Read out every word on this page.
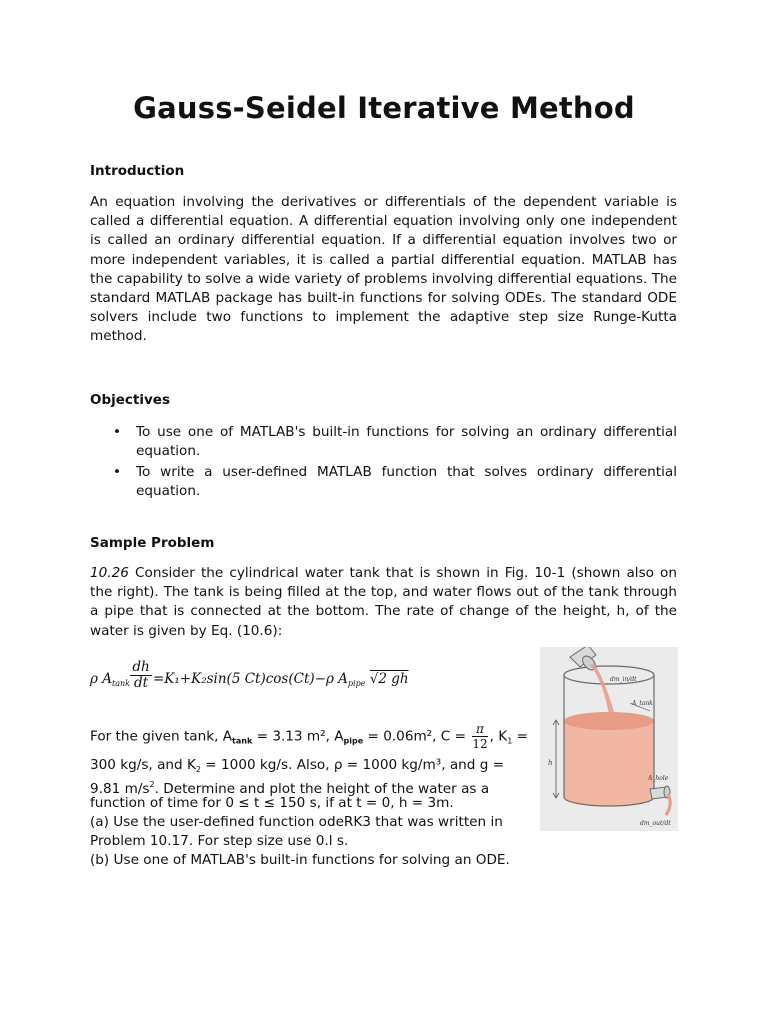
Gauss-Seidel Iterative Method

Introduction

An equation involving the derivatives or differentials of the dependent variable is called a differential equation. A differential equation involving only one independent is called an ordinary differential equation. If a differential equation involves two or more independent variables, it is called a partial differential equation. MATLAB has the capability to solve a wide variety of problems involving differential equations. The standard MATLAB package has built-in functions for solving ODEs. The standard ODE solvers include two functions to implement the adaptive step size Runge-Kutta method.

Objectives

• To use one of MATLAB's built-in functions for solving an ordinary differential equation.
• To write a user-defined MATLAB function that solves ordinary differential equation.

Sample Problem

10.26 Consider the cylindrical water tank that is shown in Fig. 10-1 (shown also on the right). The tank is being filled at the top, and water flows out of the tank through a pipe that is connected at the bottom. The rate of change of the height, h, of the water is given by Eq. (10.6):
ρ $A_{tank} \frac{dh}{dt} =K_1+K_2\sin(5$ Ct)cos(Ct)−ρ $A_{pipe}$ √2 gh
For the given tank, $A_{tank} = 3.13$ m², $A_{pipe} = 0.06m^2$, $C = \frac{\pi}{12}$ , $K_1$ =
300 kg/s, and $K_2 = 1000$ kg/s. Also, ρ = 1000 kg/m³, and g =
9.81 $m/s^2$. Determine and plot the height of the water as a
function of time for 0 ≤ t ≤ 150 s, if at t = 0, h = 3m.
(a) Use the user-defined function odeRK3 that was written in
Problem 10.17. For step size use 0.l s.
(b) Use one of MATLAB's built-in functions for solving an ODE.
dm_in/dt
A_tank
h
A_hole
dm_out/dt
